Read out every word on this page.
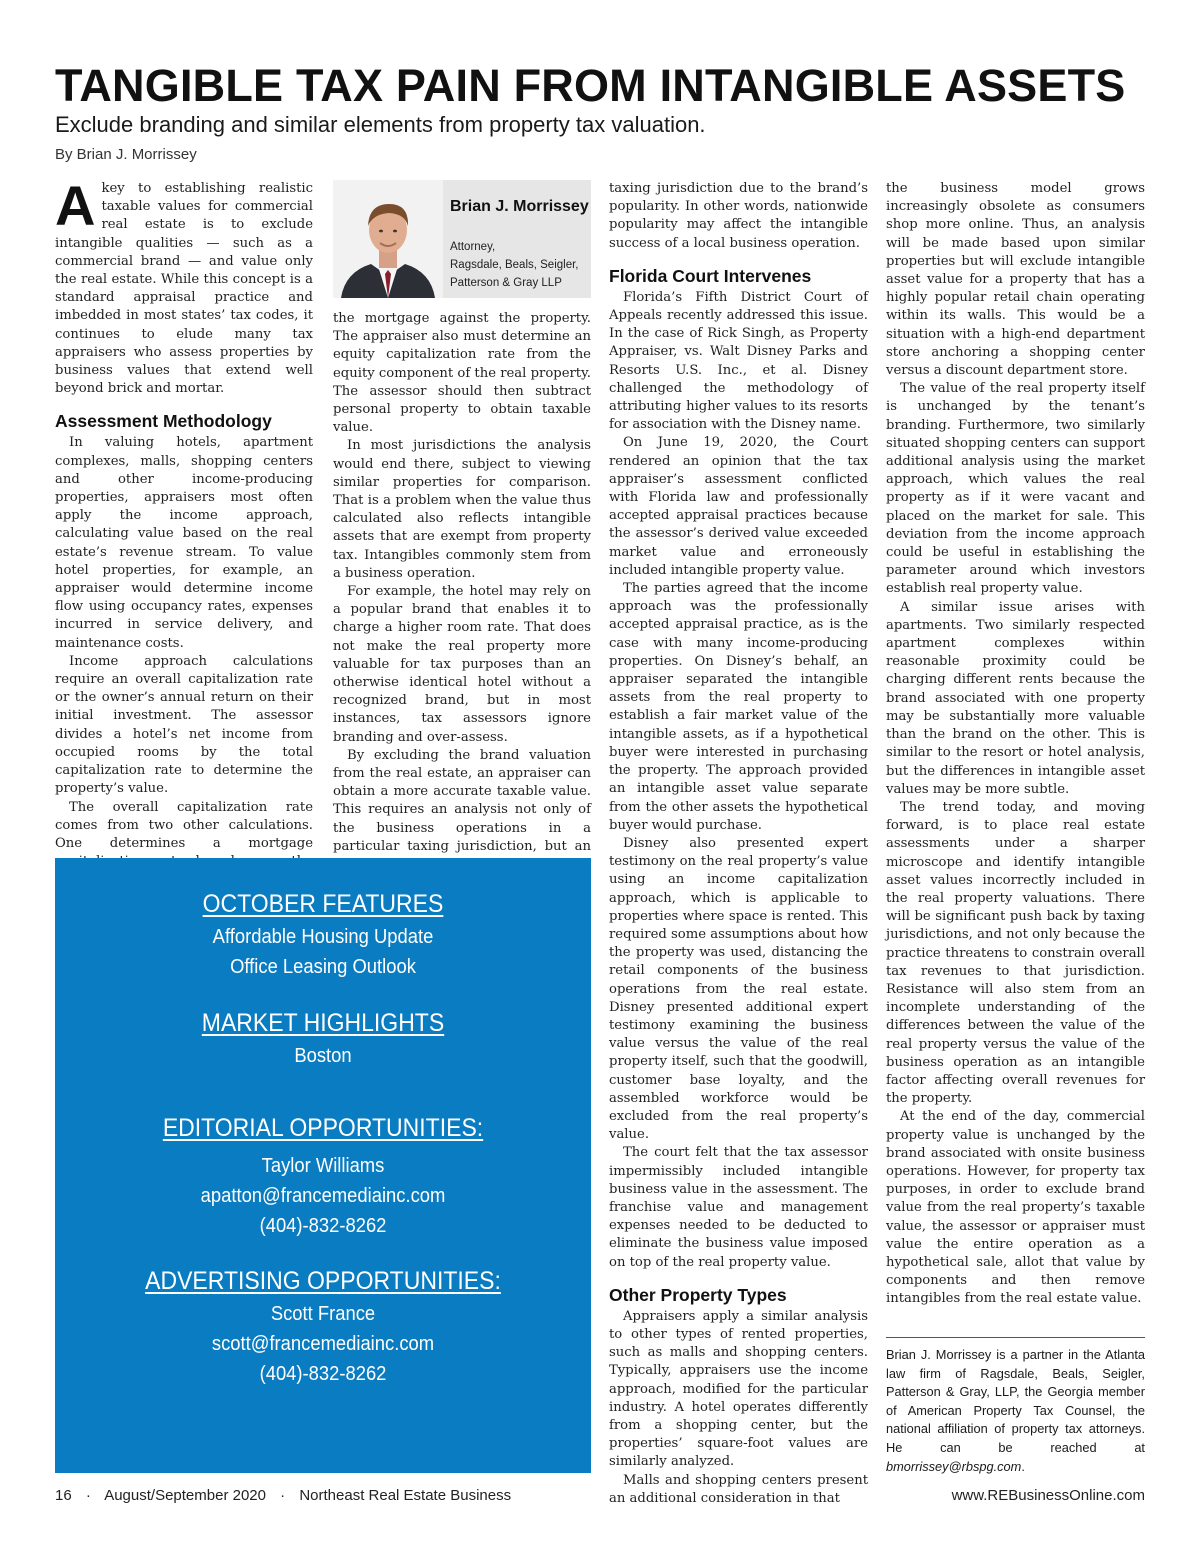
TANGIBLE TAX PAIN FROM INTANGIBLE ASSETS

Exclude branding and similar elements from property tax valuation.

By Brian J. Morrissey

Akey to establishing realistic taxable values for commercial real estate is to exclude intangible qualities — such as a commercial brand — and value only the real estate. While this concept is a standard appraisal practice and imbedded in most states’ tax codes, it continues to elude many tax appraisers who assess properties by business values that extend well beyond brick and mortar.

Assessment Methodology

In valuing hotels, apartment complexes, malls, shopping centers and other income-producing properties, appraisers most often apply the income approach, calculating value based on the real estate’s revenue stream. To value hotel properties, for example, an appraiser would determine income flow using occupancy rates, expenses incurred in service delivery, and maintenance costs.

Income approach calculations require an overall capitalization rate or the owner’s annual return on their initial investment. The assessor divides a hotel’s net income from occupied rooms by the total capitalization rate to determine the property’s value.

The overall capitalization rate comes from two other calculations. One determines a mortgage

Brian J. Morrissey

Attorney,
Ragsdale, Beals, Seigler, Patterson & Gray LLP

the mortgage against the property. The appraiser also must determine an equity capitalization rate from the equity component of the real property. The assessor should then subtract personal property to obtain taxable value.

In most jurisdictions the analysis would end there, subject to viewing similar properties for comparison. That is a problem when the value thus calculated also reflects intangible assets that are exempt from property tax. Intangibles commonly stem from a business operation.

For example, the hotel may rely on a popular brand that enables it to charge a higher room rate. That does not make the real property more valuable for tax purposes than an otherwise identical hotel without a recognized brand, but in most instances, tax assessors ignore branding and over-assess.

By excluding the brand valuation from the real estate, an appraiser can obtain a more accurate taxable value. This requires an analysis not only of the business operations in a particular taxing jurisdiction, but an

taxing jurisdiction due to the brand’s popularity. In other words, nationwide popularity may affect the intangible success of a local business operation.

Florida Court Intervenes

Florida’s Fifth District Court of Appeals recently addressed this issue. In the case of Rick Singh, as Property Appraiser, vs. Walt Disney Parks and Resorts U.S. Inc., et al. Disney challenged the methodology of attributing higher values to its resorts for association with the Disney name.

On June 19, 2020, the Court rendered an opinion that the tax appraiser’s assessment conflicted with Florida law and professionally accepted appraisal practices because the assessor’s derived value exceeded market value and erroneously included intangible property value.

The parties agreed that the income approach was the professionally accepted appraisal practice, as is the case with many income-producing properties. On Disney’s behalf, an appraiser separated the intangible assets from the real property to establish a fair market value of the intangible assets, as if a hypothetical buyer were interested in purchasing the property. The approach provided an intangible asset value separate from the other assets the hypothetical buyer would purchase.

Disney also presented expert testimony on the real property’s value using an income capitalization approach, which is applicable to properties where space is rented. This required some assumptions about how the property was used, distancing the retail components of the business operations from the real estate. Disney presented additional expert testimony examining the business value versus the value of the real property itself, such that the goodwill, customer base loyalty, and the assembled workforce would be excluded from the real property’s value.

The court felt that the tax assessor impermissibly included intangible business value in the assessment. The franchise value and management expenses needed to be deducted to eliminate the business value imposed on top of the real property value.

Other Property Types

Appraisers apply a similar analysis to other types of rented properties, such as malls and shopping centers. Typically, appraisers use the income approach, modified for the particular industry. A hotel operates differently from a shopping center, but the properties’ square-foot values are similarly analyzed.

Malls and shopping centers present an additional consideration in that

the business model grows increasingly obsolete as consumers shop more online. Thus, an analysis will be made based upon similar properties but will exclude intangible asset value for a property that has a highly popular retail chain operating within its walls. This would be a situation with a high-end department store anchoring a shopping center versus a discount department store.

The value of the real property itself is unchanged by the tenant’s branding. Furthermore, two similarly situated shopping centers can support additional analysis using the market approach, which values the real property as if it were vacant and placed on the market for sale. This deviation from the income approach could be useful in establishing the parameter around which investors establish real property value.

A similar issue arises with apartments. Two similarly respected apartment complexes within reasonable proximity could be charging different rents because the brand associated with one property may be substantially more valuable than the brand on the other. This is similar to the resort or hotel analysis, but the differences in intangible asset values may be more subtle.

The trend today, and moving forward, is to place real estate assessments under a sharper microscope and identify intangible asset values incorrectly included in the real property valuations. There will be significant push back by taxing jurisdictions, and not only because the practice threatens to constrain overall tax revenues to that jurisdiction. Resistance will also stem from an incomplete understanding of the differences between the value of the real property versus the value of the business operation as an intangible factor affecting overall revenues for the property.

At the end of the day, commercial property value is unchanged by the brand associated with onsite business operations. However, for property tax purposes, in order to exclude brand value from the real property’s taxable value, the assessor or appraiser must value the entire operation as a hypothetical sale, allot that value by components and then remove intangibles from the real estate value.

Brian J. Morrissey is a partner in the Atlanta law firm of Ragsdale, Beals, Seigler, Patterson & Gray, LLP, the Georgia member of American Property Tax Counsel, the national affiliation of property tax attorneys. He can be reached at bmorrissey@rbspg.com.

OCTOBER FEATURES

Affordable Housing Update

Office Leasing Outlook

MARKET HIGHLIGHTS

Boston

EDITORIAL OPPORTUNITIES:

Taylor Williams

apatton@francemediainc.com

(404)-832-8262

ADVERTISING OPPORTUNITIES:

Scott France

scott@francemediainc.com

(404)-832-8262

16 · August/September 2020 · Northeast Real Estate Business	www.REBusinessOnline.com
